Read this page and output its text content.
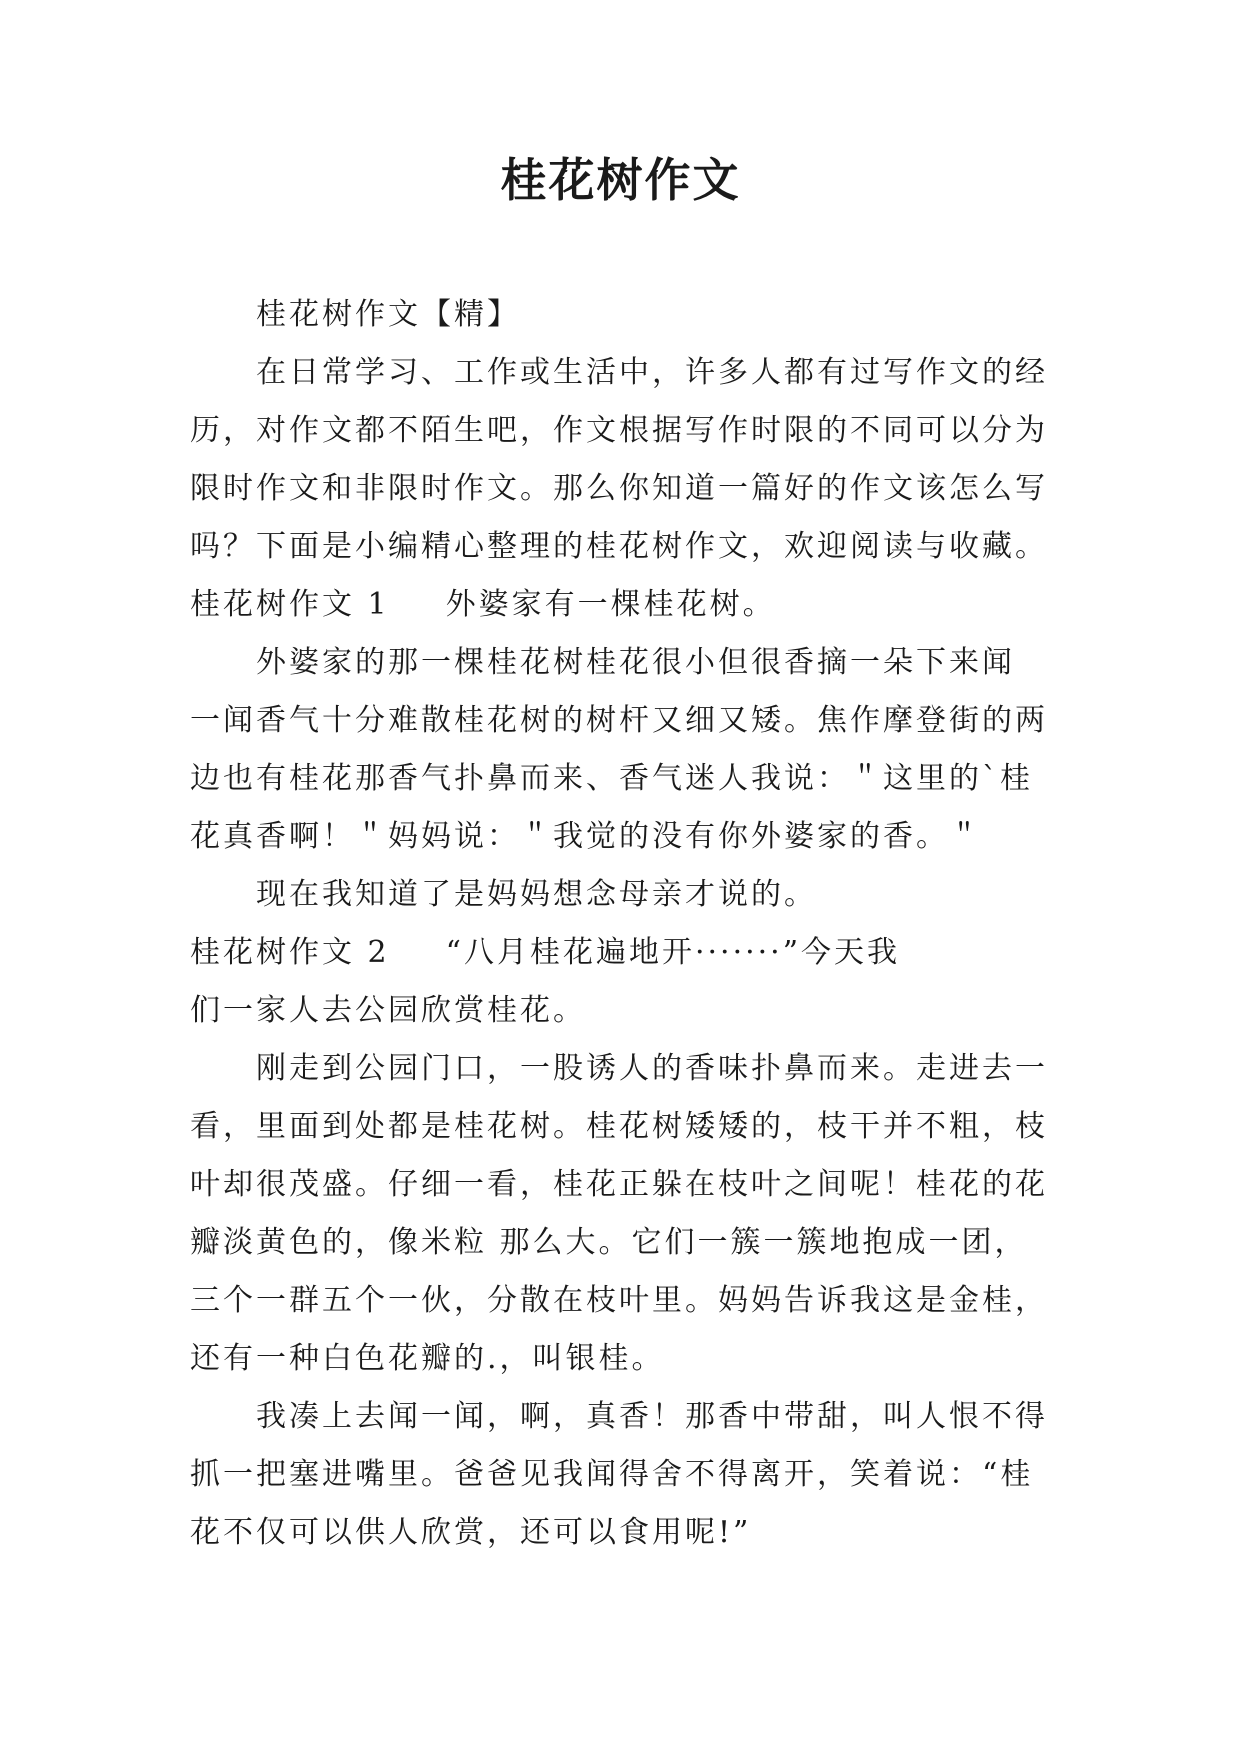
桂花树作文
桂花树作文【精】
在日常学习、工作或生活中，许多人都有过写作文的经
历，对作文都不陌生吧，作文根据写作时限的不同可以分为
限时作文和非限时作文。那么你知道一篇好的作文该怎么写
吗？下面是小编精心整理的桂花树作文，欢迎阅读与收藏。
桂花树作文 1 外婆家有一棵桂花树。
外婆家的那一棵桂花树桂花很小但很香摘一朵下来闻
一闻香气十分难散桂花树的树杆又细又矮。焦作摩登街的两
边也有桂花那香气扑鼻而来、香气迷人我说：＂这里的`桂
花真香啊！＂妈妈说：＂我觉的没有你外婆家的香。＂
现在我知道了是妈妈想念母亲才说的。
桂花树作文 2 “八月桂花遍地开·······”今天我
们一家人去公园欣赏桂花。
刚走到公园门口，一股诱人的香味扑鼻而来。走进去一
看，里面到处都是桂花树。桂花树矮矮的，枝干并不粗，枝
叶却很茂盛。仔细一看，桂花正躲在枝叶之间呢！桂花的花
瓣淡黄色的，像米粒 那么大。它们一簇一簇地抱成一团，
三个一群五个一伙，分散在枝叶里。妈妈告诉我这是金桂，
还有一种白色花瓣的.，叫银桂。
我凑上去闻一闻，啊，真香！那香中带甜，叫人恨不得
抓一把塞进嘴里。爸爸见我闻得舍不得离开，笑着说：“桂
花不仅可以供人欣赏，还可以食用呢!”
